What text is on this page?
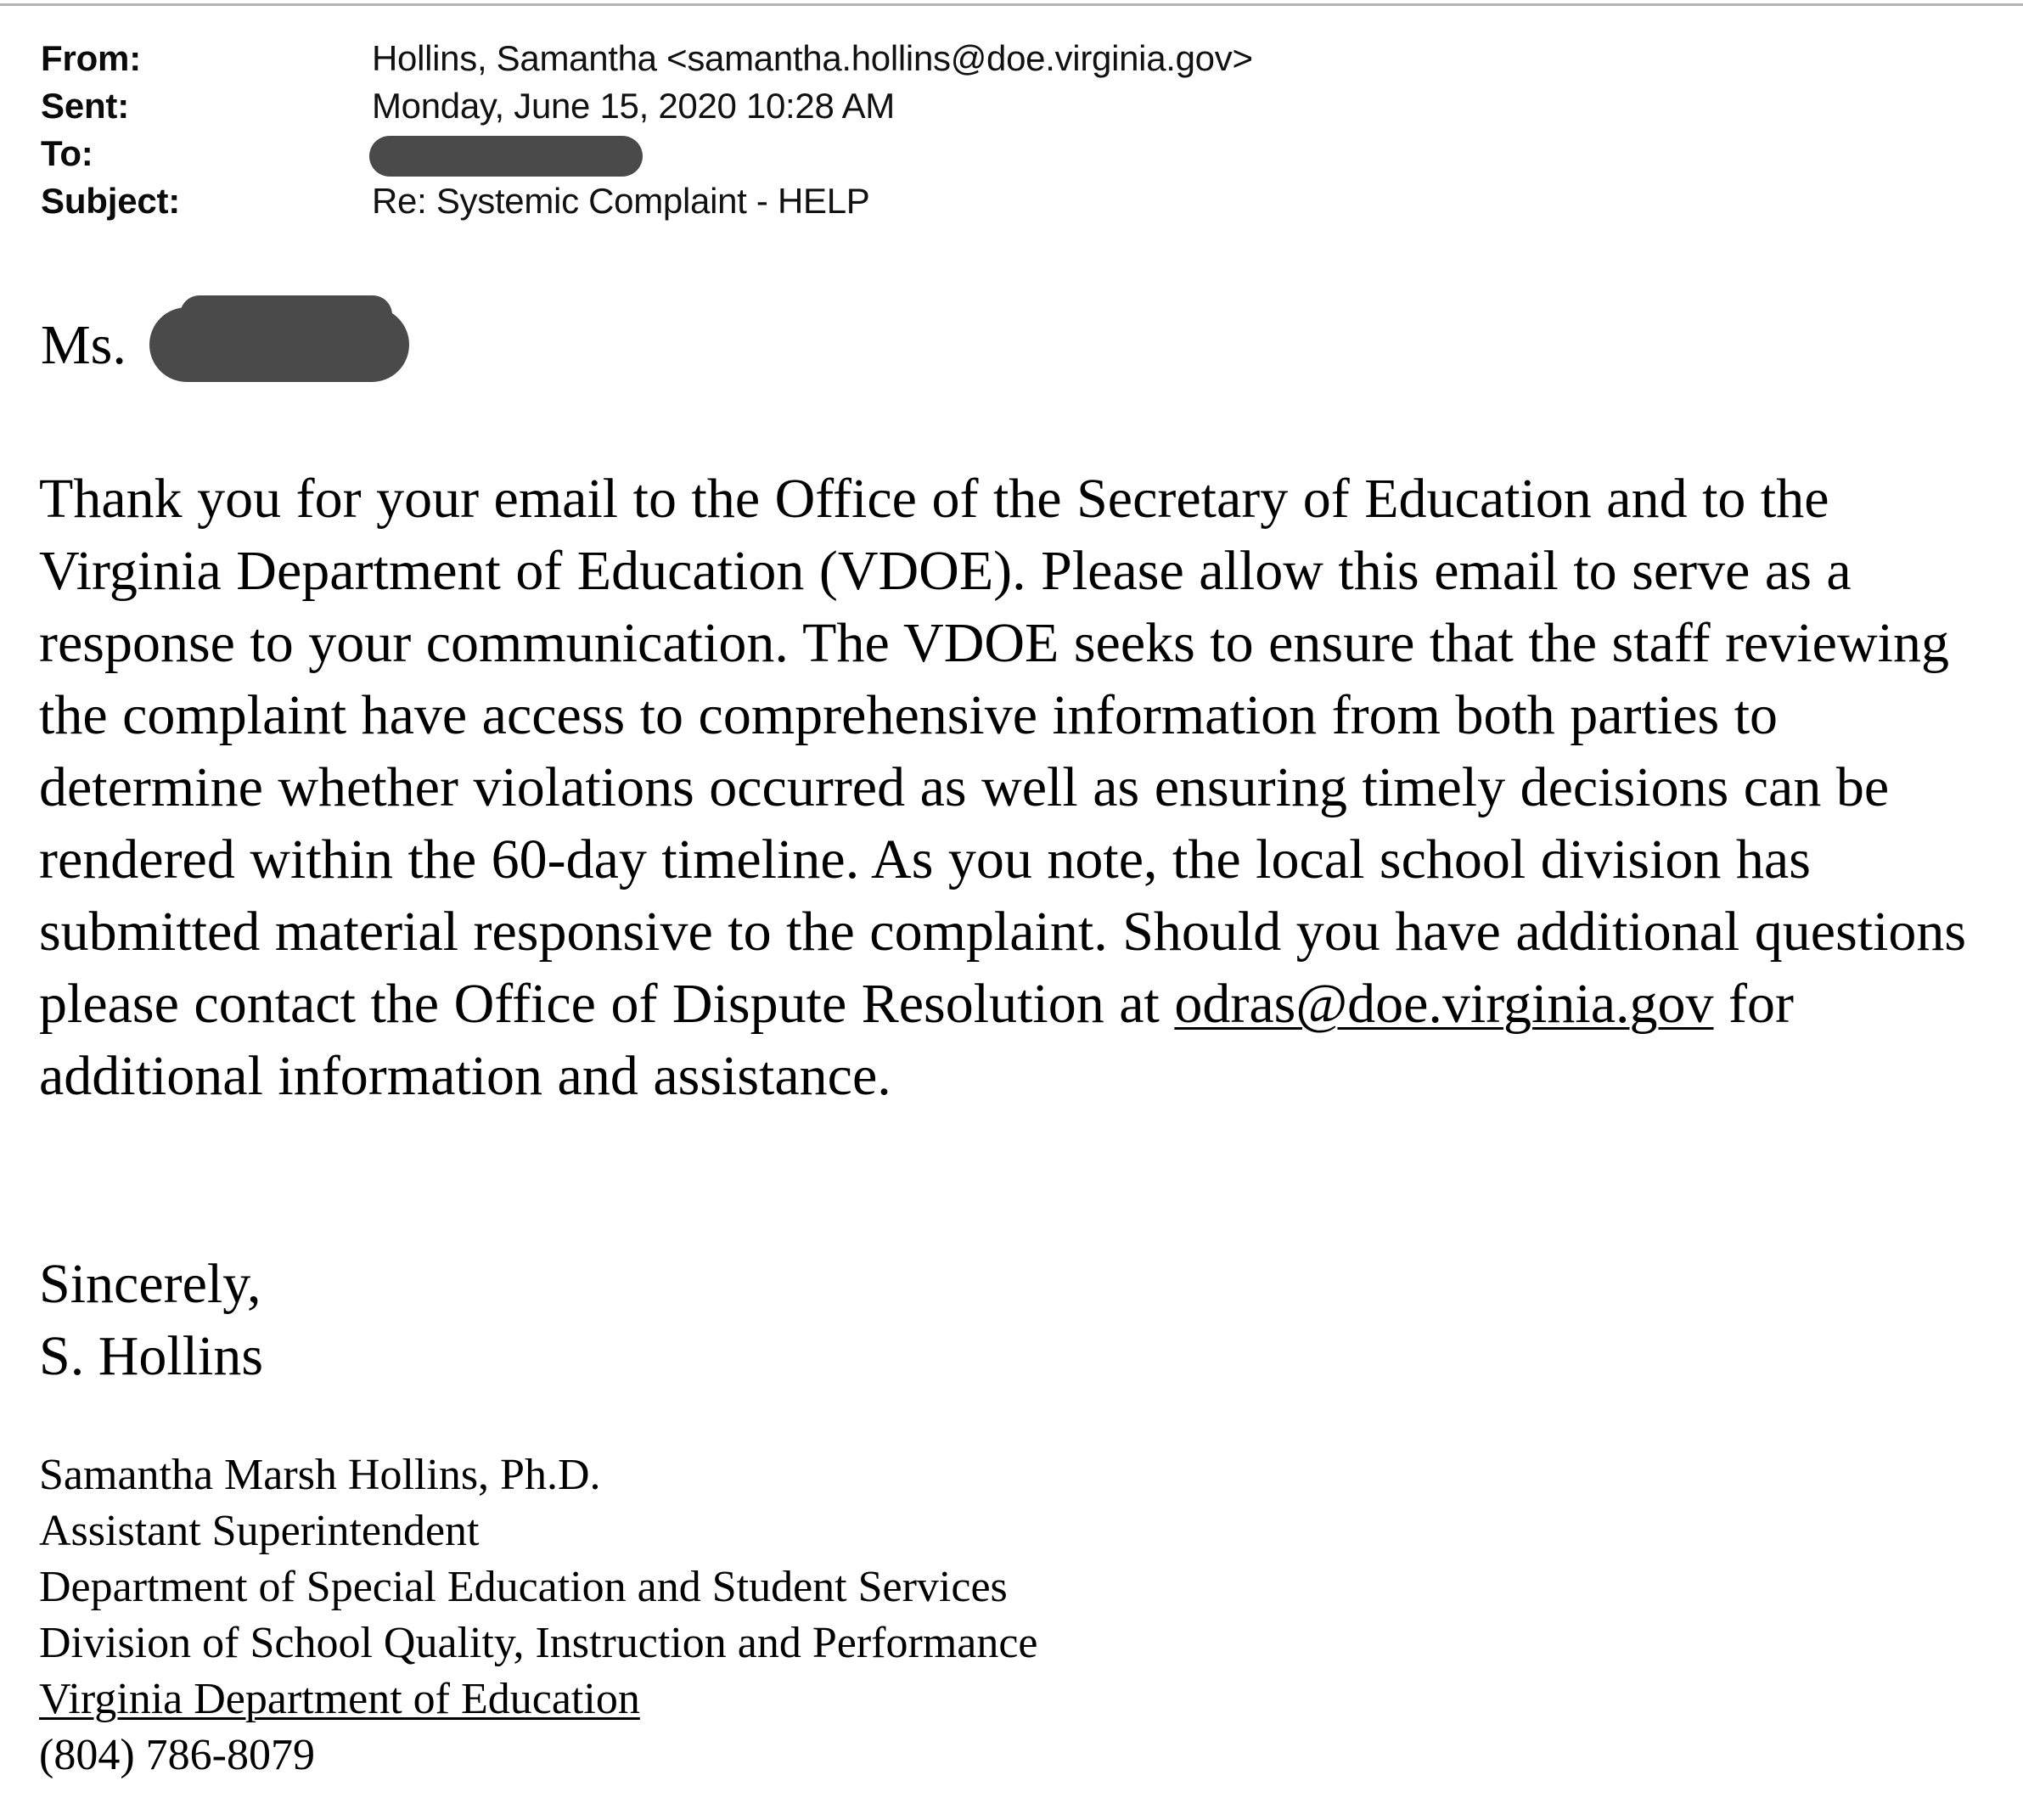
From:	Hollins, Samantha <samantha.hollins@doe.virginia.gov>
Sent:	Monday, June 15, 2020 10:28 AM
To:
Subject:	Re: Systemic Complaint - HELP
Ms.
Thank you for your email to the Office of the Secretary of Education and to the Virginia Department of Education (VDOE). Please allow this email to serve as a response to your communication. The VDOE seeks to ensure that the staff reviewing the complaint have access to comprehensive information from both parties to determine whether violations occurred as well as ensuring timely decisions can be rendered within the 60-day timeline. As you note, the local school division has submitted material responsive to the complaint. Should you have additional questions please contact the Office of Dispute Resolution at odras@doe.virginia.gov for additional information and assistance.
Sincerely,
S. Hollins
Samantha Marsh Hollins, Ph.D.
Assistant Superintendent
Department of Special Education and Student Services
Division of School Quality, Instruction and Performance
Virginia Department of Education
(804) 786-8079
